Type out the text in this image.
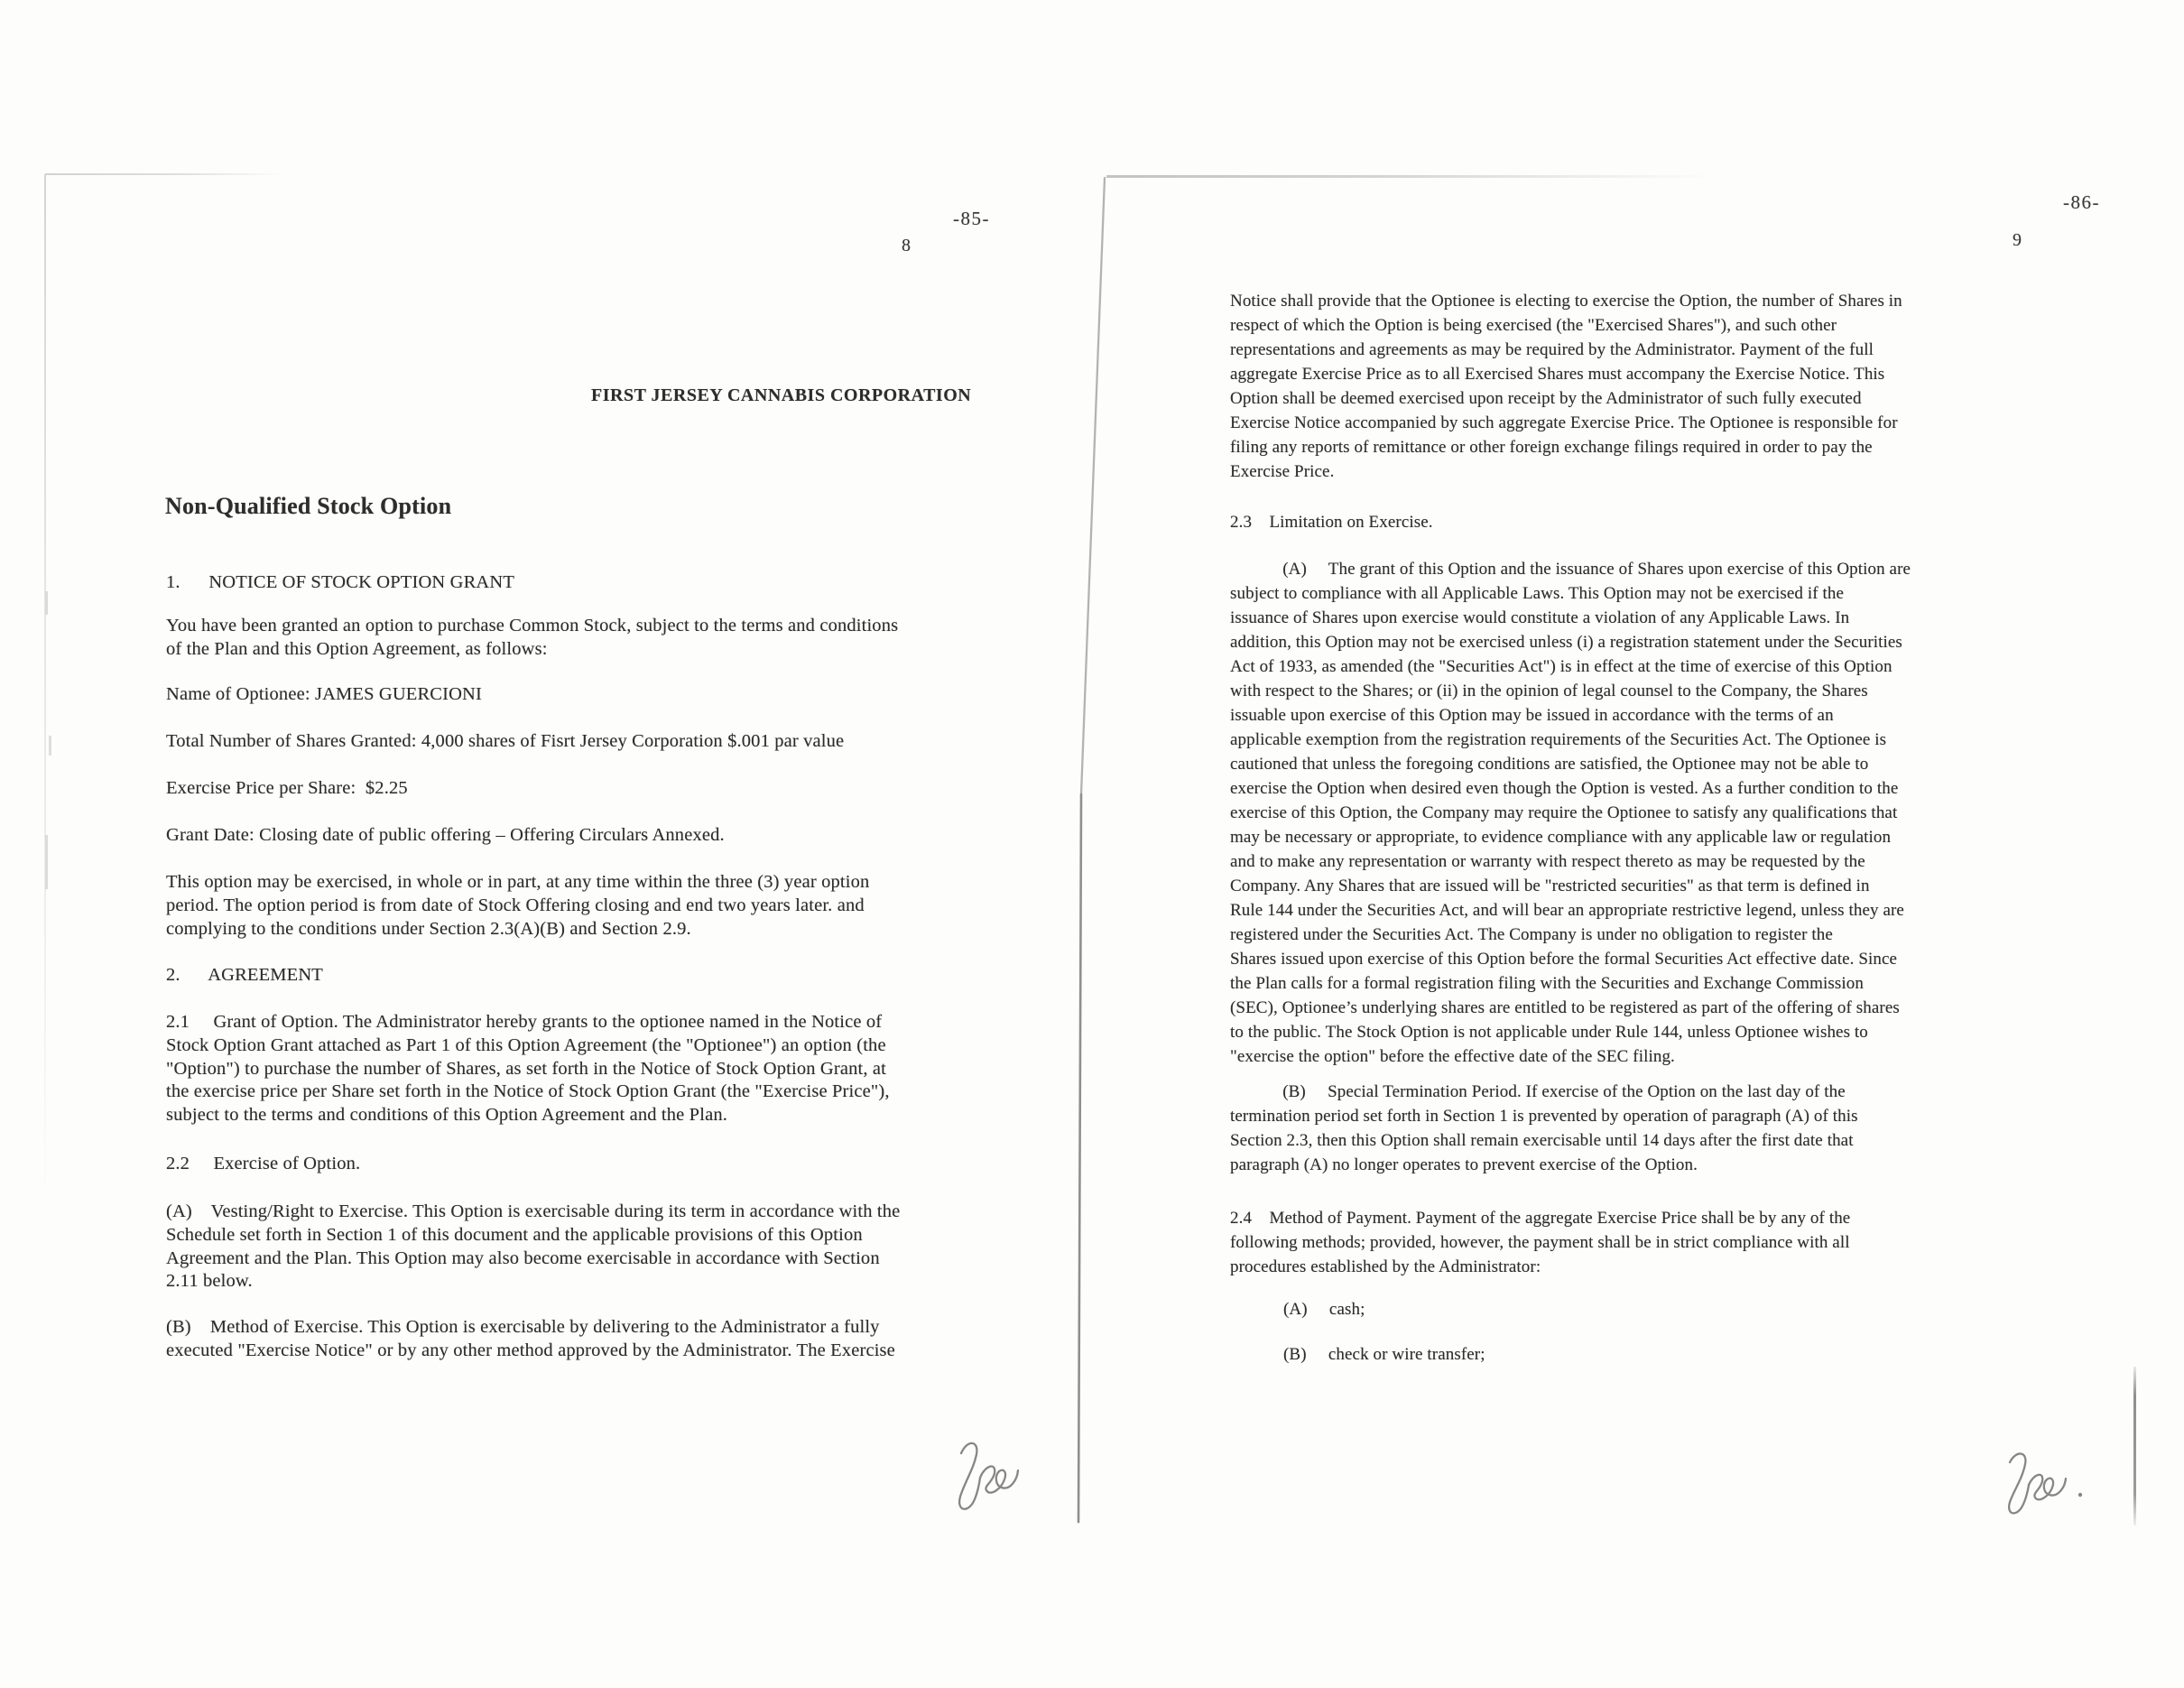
-85-
8
FIRST JERSEY CANNABIS CORPORATION
Non-Qualified Stock Option
1.      NOTICE OF STOCK OPTION GRANT
You have been granted an option to purchase Common Stock, subject to the terms and conditions
of the Plan and this Option Agreement, as follows:
Name of Optionee: JAMES GUERCIONI
Total Number of Shares Granted: 4,000 shares of Fisrt Jersey Corporation $.001 par value
Exercise Price per Share:  $2.25
Grant Date: Closing date of public offering – Offering Circulars Annexed.
This option may be exercised, in whole or in part, at any time within the three (3) year option
period. The option period is from date of Stock Offering closing and end two years later. and
complying to the conditions under Section 2.3(A)(B) and Section 2.9.
2.      AGREEMENT
2.1     Grant of Option. The Administrator hereby grants to the optionee named in the Notice of
Stock Option Grant attached as Part 1 of this Option Agreement (the "Optionee") an option (the
"Option") to purchase the number of Shares, as set forth in the Notice of Stock Option Grant, at
the exercise price per Share set forth in the Notice of Stock Option Grant (the "Exercise Price"),
subject to the terms and conditions of this Option Agreement and the Plan.
2.2     Exercise of Option.
(A)    Vesting/Right to Exercise. This Option is exercisable during its term in accordance with the
Schedule set forth in Section 1 of this document and the applicable provisions of this Option
Agreement and the Plan. This Option may also become exercisable in accordance with Section
2.11 below.
(B)    Method of Exercise. This Option is exercisable by delivering to the Administrator a fully
executed "Exercise Notice" or by any other method approved by the Administrator. The Exercise
-86-
9
Notice shall provide that the Optionee is electing to exercise the Option, the number of Shares in
respect of which the Option is being exercised (the "Exercised Shares"), and such other
representations and agreements as may be required by the Administrator. Payment of the full
aggregate Exercise Price as to all Exercised Shares must accompany the Exercise Notice. This
Option shall be deemed exercised upon receipt by the Administrator of such fully executed
Exercise Notice accompanied by such aggregate Exercise Price. The Optionee is responsible for
filing any reports of remittance or other foreign exchange filings required in order to pay the
Exercise Price.
2.3    Limitation on Exercise.
(A)     The grant of this Option and the issuance of Shares upon exercise of this Option are
subject to compliance with all Applicable Laws. This Option may not be exercised if the
issuance of Shares upon exercise would constitute a violation of any Applicable Laws. In
addition, this Option may not be exercised unless (i) a registration statement under the Securities
Act of 1933, as amended (the "Securities Act") is in effect at the time of exercise of this Option
with respect to the Shares; or (ii) in the opinion of legal counsel to the Company, the Shares
issuable upon exercise of this Option may be issued in accordance with the terms of an
applicable exemption from the registration requirements of the Securities Act. The Optionee is
cautioned that unless the foregoing conditions are satisfied, the Optionee may not be able to
exercise the Option when desired even though the Option is vested. As a further condition to the
exercise of this Option, the Company may require the Optionee to satisfy any qualifications that
may be necessary or appropriate, to evidence compliance with any applicable law or regulation
and to make any representation or warranty with respect thereto as may be requested by the
Company. Any Shares that are issued will be "restricted securities" as that term is defined in
Rule 144 under the Securities Act, and will bear an appropriate restrictive legend, unless they are
registered under the Securities Act. The Company is under no obligation to register the
Shares issued upon exercise of this Option before the formal Securities Act effective date. Since
the Plan calls for a formal registration filing with the Securities and Exchange Commission
(SEC), Optionee’s underlying shares are entitled to be registered as part of the offering of shares
to the public. The Stock Option is not applicable under Rule 144, unless Optionee wishes to
"exercise the option" before the effective date of the SEC filing.
(B)     Special Termination Period. If exercise of the Option on the last day of the
termination period set forth in Section 1 is prevented by operation of paragraph (A) of this
Section 2.3, then this Option shall remain exercisable until 14 days after the first date that
paragraph (A) no longer operates to prevent exercise of the Option.
2.4    Method of Payment. Payment of the aggregate Exercise Price shall be by any of the
following methods; provided, however, the payment shall be in strict compliance with all
procedures established by the Administrator:
(A)     cash;
(B)     check or wire transfer;
